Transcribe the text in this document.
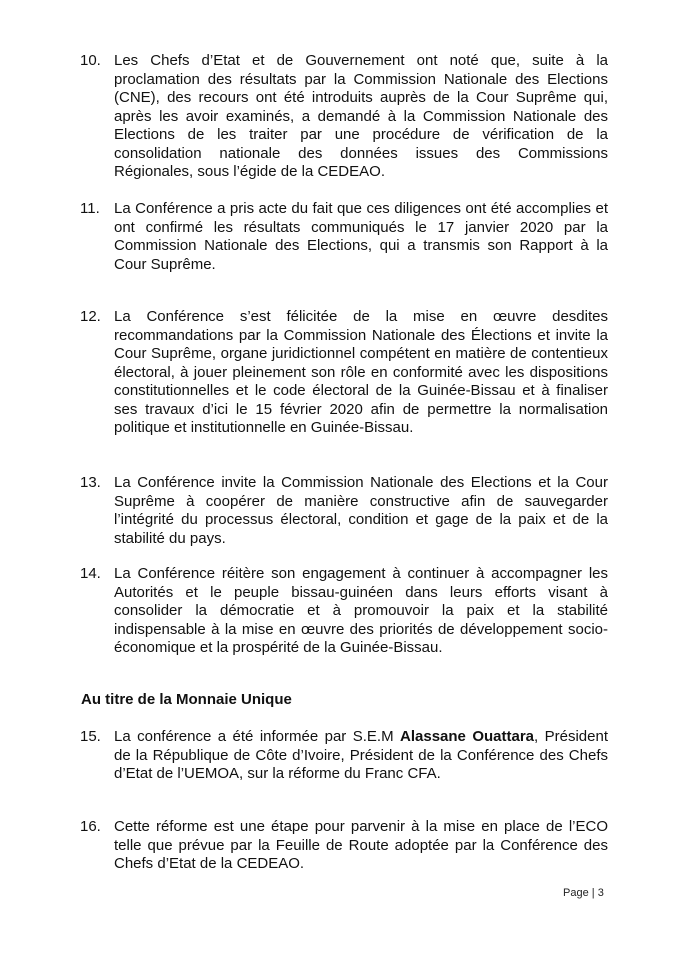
10. Les Chefs d’Etat et de Gouvernement ont noté que, suite à la proclamation des résultats par la Commission Nationale des Elections (CNE), des recours ont été introduits auprès de la Cour Suprême qui, après les avoir examinés, a demandé à la Commission Nationale des Elections de les traiter par une procédure de vérification de la consolidation nationale des données issues des Commissions Régionales, sous l’égide de la CEDEAO.
11. La Conférence a pris acte du fait que ces diligences ont été accomplies et ont confirmé les résultats communiqués le 17 janvier 2020 par la Commission Nationale des Elections, qui a transmis son Rapport à la Cour Suprême.
12. La Conférence s’est félicitée de la mise en œuvre desdites recommandations par la Commission Nationale des Élections et invite la Cour Suprême, organe juridictionnel compétent en matière de contentieux électoral, à jouer pleinement son rôle en conformité avec les dispositions constitutionnelles et le code électoral de la Guinée-Bissau et à finaliser ses travaux d’ici le 15 février 2020 afin de permettre la normalisation politique et institutionnelle en Guinée-Bissau.
13. La Conférence invite la Commission Nationale des Elections et la Cour Suprême à coopérer de manière constructive afin de sauvegarder l’intégrité du processus électoral, condition et gage de la paix et de la stabilité du pays.
14. La Conférence réitère son engagement à continuer à accompagner les Autorités et le peuple bissau-guinéen dans leurs efforts visant à consolider la démocratie et à promouvoir la paix et la stabilité indispensable à la mise en œuvre des priorités de développement socio-économique et la prospérité de la Guinée-Bissau.
Au titre de la Monnaie Unique
15. La conférence a été informée par S.E.M Alassane Ouattara, Président de la République de Côte d’Ivoire, Président de la Conférence des Chefs d’Etat de l’UEMOA, sur la réforme du Franc CFA.
16. Cette réforme est une étape pour parvenir à la mise en place de l’ECO telle que prévue par la Feuille de Route adoptée par la Conférence des Chefs d’Etat de la CEDEAO.
Page | 3
